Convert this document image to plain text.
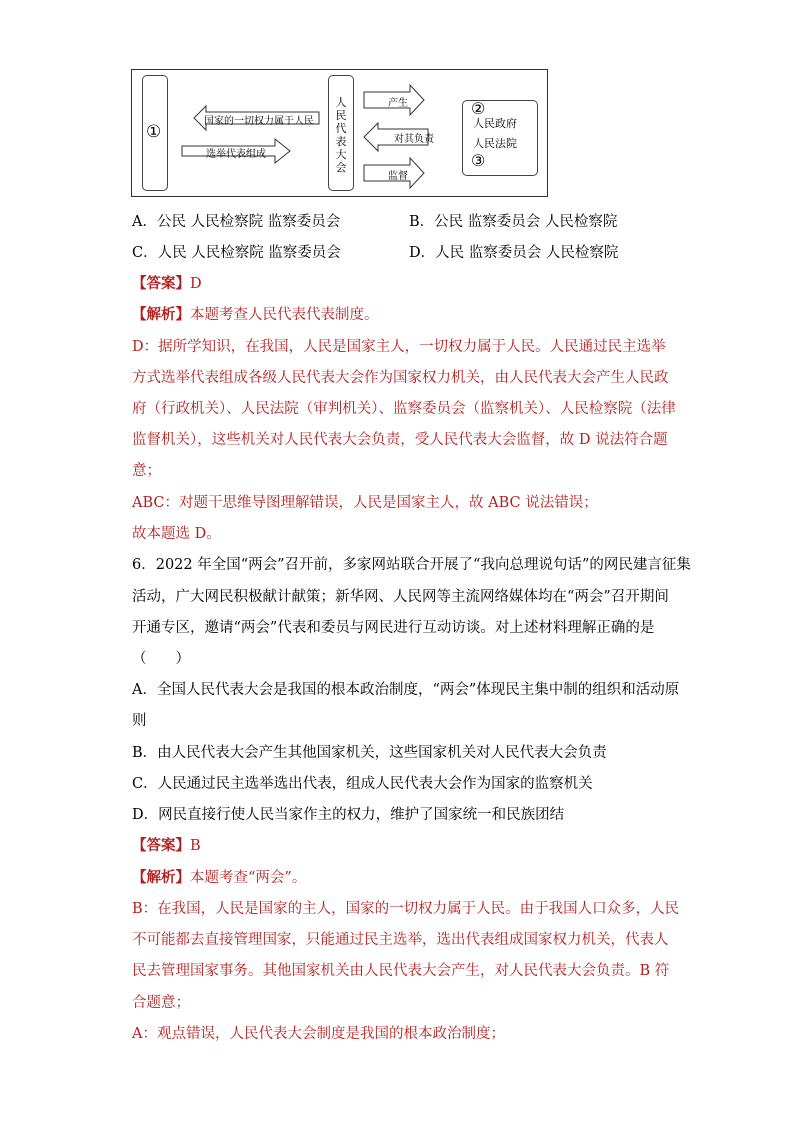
①
国家的一切权力属于人民
选举代表组成
人
民
代
表
大
会
产生
对其负责
监督
②
人民政府
人民法院
③
A．公民 人民检察院 监察委员会	B．公民 监察委员会 人民检察院
C．人民 人民检察院 监察委员会	D．人民 监察委员会 人民检察院
【答案】D
【解析】本题考查人民代表代表制度。
D：据所学知识，在我国，人民是国家主人，一切权力属于人民。人民通过民主选举
方式选举代表组成各级人民代表大会作为国家权力机关，由人民代表大会产生人民政
府（行政机关）、人民法院（审判机关）、监察委员会（监察机关）、人民检察院（法律
监督机关），这些机关对人民代表大会负责，受人民代表大会监督，故 D 说法符合题
意；
ABC：对题干思维导图理解错误，人民是国家主人，故 ABC 说法错误；
故本题选 D。
6．2022 年全国“两会”召开前，多家网站联合开展了“我向总理说句话”的网民建言征集
活动，广大网民积极献计献策；新华网、人民网等主流网络媒体均在“两会”召开期间
开通专区，邀请“两会”代表和委员与网民进行互动访谈。对上述材料理解正确的是
（　　）
A．全国人民代表大会是我国的根本政治制度，“两会”体现民主集中制的组织和活动原
则
B．由人民代表大会产生其他国家机关，这些国家机关对人民代表大会负责
C．人民通过民主选举选出代表，组成人民代表大会作为国家的监察机关
D．网民直接行使人民当家作主的权力，维护了国家统一和民族团结
【答案】B
【解析】本题考查“两会”。
B：在我国，人民是国家的主人，国家的一切权力属于人民。由于我国人口众多，人民
不可能都去直接管理国家，只能通过民主选举，选出代表组成国家权力机关，代表人
民去管理国家事务。其他国家机关由人民代表大会产生，对人民代表大会负责。B 符
合题意；
A：观点错误，人民代表大会制度是我国的根本政治制度；
